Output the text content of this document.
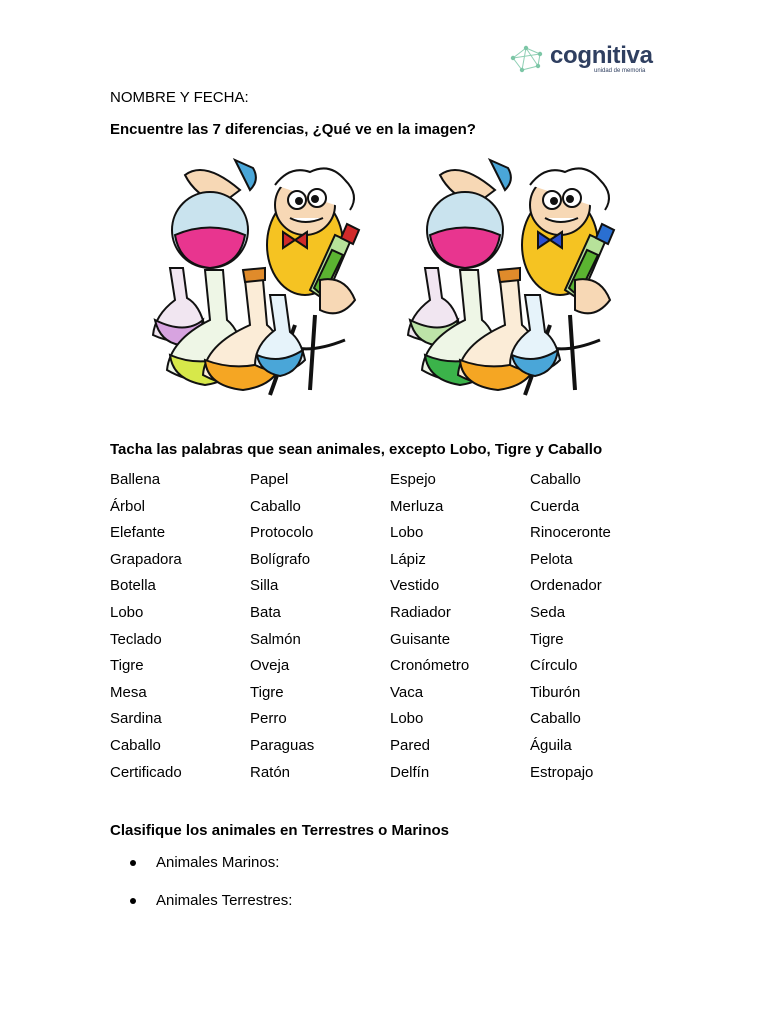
cognitiva
unidad de memoria
NOMBRE Y FECHA:
Encuentre las 7 diferencias, ¿Qué ve en la imagen?
Tacha las palabras que sean animales, excepto Lobo, Tigre y Caballo
Ballena	Papel	Espejo	Caballo
Árbol	Caballo	Merluza	Cuerda
Elefante	Protocolo	Lobo	Rinoceronte
Grapadora	Bolígrafo	Lápiz	Pelota
Botella	Silla	Vestido	Ordenador
Lobo	Bata	Radiador	Seda
Teclado	Salmón	Guisante	Tigre
Tigre	Oveja	Cronómetro	Círculo
Mesa	Tigre	Vaca	Tiburón
Sardina	Perro	Lobo	Caballo
Caballo	Paraguas	Pared	Águila
Certificado	Ratón	Delfín	Estropajo
Clasifique los animales en Terrestres o Marinos
Animales Marinos:
Animales Terrestres:
